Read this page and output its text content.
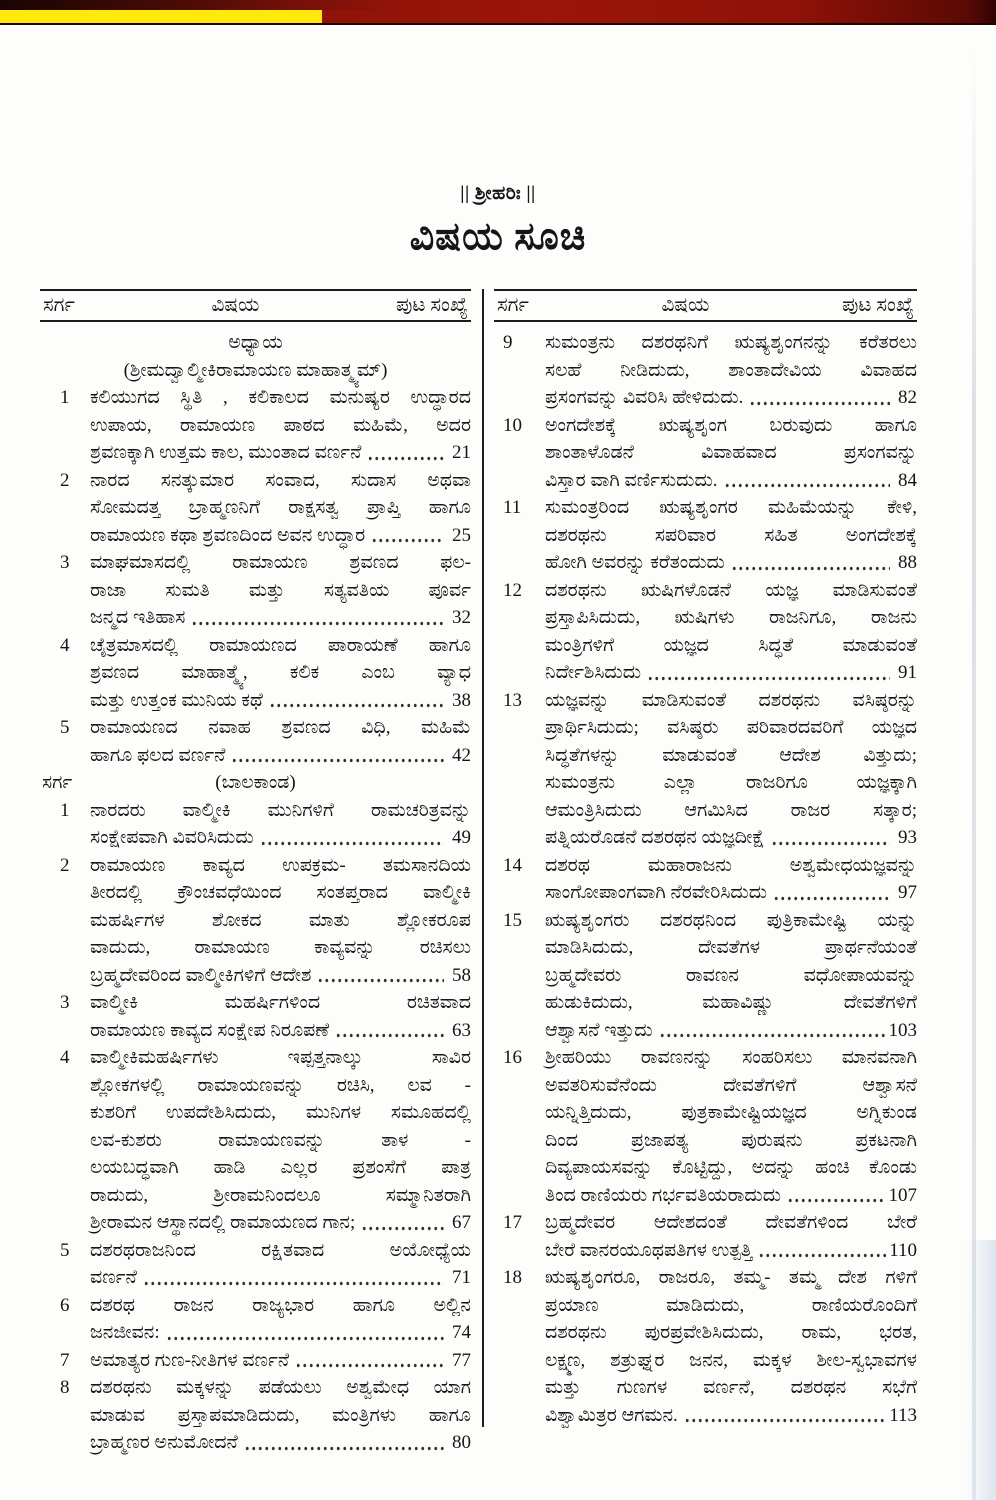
|| ಶ್ರೀಹರಿಃ ||
ವಿಷಯ ಸೂಚಿ
ಸರ್ಗ	ವಿಷಯ	ಪುಟ ಸಂಖ್ಯೆ
ಅಧ್ಯಾಯ
(ಶ್ರೀಮದ್ವಾಲ್ಮೀಕಿರಾಮಾಯಣ ಮಾಹಾತ್ಮ್ಯಮ್)
1	ಕಲಿಯುಗದ ಸ್ಥಿತಿ , ಕಲಿಕಾಲದ ಮನುಷ್ಯರ ಉದ್ಧಾರದ
ಉಪಾಯ, ರಾಮಾಯಣ ಪಾಠದ ಮಹಿಮೆ, ಅದರ
ಶ್ರವಣಕ್ಕಾಗಿ ಉತ್ತಮ ಕಾಲ, ಮುಂತಾದ ವರ್ಣನೆ	21
2	ನಾರದ ಸನತ್ಕುಮಾರ ಸಂವಾದ, ಸುದಾಸ ಅಥವಾ
ಸೋಮದತ್ತ ಬ್ರಾಹ್ಮಣನಿಗೆ ರಾಕ್ಷಸತ್ವ ಪ್ರಾಪ್ತಿ ಹಾಗೂ
ರಾಮಾಯಣ ಕಥಾ ಶ್ರವಣದಿಂದ ಅವನ ಉದ್ಧಾರ	25
3	ಮಾಘಮಾಸದಲ್ಲಿ ರಾಮಾಯಣ ಶ್ರವಣದ ಫಲ-
ರಾಜಾ ಸುಮತಿ ಮತ್ತು ಸತ್ಯವತಿಯ ಪೂರ್ವ
ಜನ್ಮದ ಇತಿಹಾಸ	32
4	ಚೈತ್ರಮಾಸದಲ್ಲಿ ರಾಮಾಯಣದ ಪಾರಾಯಣೆ ಹಾಗೂ
ಶ್ರವಣದ ಮಾಹಾತ್ಮ್ಯೆ, ಕಲಿಕ ಎಂಬ ವ್ಯಾಧ
ಮತ್ತು ಉತ್ತಂಕ ಮುನಿಯ ಕಥೆ	38
5	ರಾಮಾಯಣದ ನವಾಹ ಶ್ರವಣದ ವಿಧಿ, ಮಹಿಮೆ
ಹಾಗೂ ಫಲದ ವರ್ಣನೆ	42
ಸರ್ಗ	(ಬಾಲಕಾಂಡ)
1	ನಾರದರು ವಾಲ್ಮೀಕಿ ಮುನಿಗಳಿಗೆ ರಾಮಚರಿತ್ರವನ್ನು
ಸಂಕ್ಷೇಪವಾಗಿ ವಿವರಿಸಿದುದು	49
2	ರಾಮಾಯಣ ಕಾವ್ಯದ ಉಪಕ್ರಮ- ತಮಸಾನದಿಯ
ತೀರದಲ್ಲಿ ಕ್ರೌಂಚವಧೆಯಿಂದ ಸಂತಪ್ತರಾದ ವಾಲ್ಮೀಕಿ
ಮಹರ್ಷಿಗಳ ಶೋಕದ ಮಾತು ಶ್ಲೋಕರೂಪ
ವಾದುದು, ರಾಮಾಯಣ ಕಾವ್ಯವನ್ನು ರಚಿಸಲು
ಬ್ರಹ್ಮದೇವರಿಂದ ವಾಲ್ಮೀಕಿಗಳಿಗೆ ಆದೇಶ	58
3	ವಾಲ್ಮೀಕಿ ಮಹರ್ಷಿಗಳಿಂದ ರಚಿತವಾದ
ರಾಮಾಯಣ ಕಾವ್ಯದ ಸಂಕ್ಷೇಪ ನಿರೂಪಣೆ	63
4	ವಾಲ್ಮೀಕಿಮಹರ್ಷಿಗಳು ಇಪ್ಪತ್ತನಾಲ್ಕು ಸಾವಿರ
ಶ್ಲೋಕಗಳಲ್ಲಿ ರಾಮಾಯಣವನ್ನು ರಚಿಸಿ, ಲವ -
ಕುಶರಿಗೆ ಉಪದೇಶಿಸಿದುದು, ಮುನಿಗಳ ಸಮೂಹದಲ್ಲಿ
ಲವ-ಕುಶರು ರಾಮಾಯಣವನ್ನು ತಾಳ -
ಲಯಬದ್ಧವಾಗಿ ಹಾಡಿ ಎಲ್ಲರ ಪ್ರಶಂಸೆಗೆ ಪಾತ್ರ
ರಾದುದು, ಶ್ರೀರಾಮನಿಂದಲೂ ಸಮ್ಮಾನಿತರಾಗಿ
ಶ್ರೀರಾಮನ ಆಸ್ಥಾನದಲ್ಲಿ ರಾಮಾಯಣದ ಗಾನ;	67
5	ದಶರಥರಾಜನಿಂದ ರಕ್ಷಿತವಾದ ಅಯೋಧ್ಯೆಯ
ವರ್ಣನೆ	71
6	ದಶರಥ ರಾಜನ ರಾಜ್ಯಭಾರ ಹಾಗೂ ಅಲ್ಲಿನ
ಜನಜೀವನ:	74
7	ಅಮಾತ್ಯರ ಗುಣ-ನೀತಿಗಳ ವರ್ಣನೆ	77
8	ದಶರಥನು ಮಕ್ಕಳನ್ನು ಪಡೆಯಲು ಅಶ್ವಮೇಧ ಯಾಗ
ಮಾಡುವ ಪ್ರಸ್ತಾಪಮಾಡಿದುದು, ಮಂತ್ರಿಗಳು ಹಾಗೂ
ಬ್ರಾಹ್ಮಣರ ಅನುಮೋದನೆ	80
ಸರ್ಗ	ವಿಷಯ	ಪುಟ ಸಂಖ್ಯೆ
9	ಸುಮಂತ್ರನು ದಶರಥನಿಗೆ ಋಷ್ಯಶೃಂಗನನ್ನು ಕರೆತರಲು
ಸಲಹೆ ನೀಡಿದುದು, ಶಾಂತಾದೇವಿಯ ವಿವಾಹದ
ಪ್ರಸಂಗವನ್ನು ವಿವರಿಸಿ ಹೇಳಿದುದು.	82
10	ಅಂಗದೇಶಕ್ಕೆ ಋಷ್ಯಶೃಂಗ ಬರುವುದು ಹಾಗೂ
ಶಾಂತಾಳೊಡನೆ ವಿವಾಹವಾದ ಪ್ರಸಂಗವನ್ನು
ವಿಸ್ತಾರ ವಾಗಿ ವರ್ಣಿಸುದುದು.	84
11	ಸುಮಂತ್ರರಿಂದ ಋಷ್ಯಶೃಂಗರ ಮಹಿಮೆಯನ್ನು ಕೇಳಿ,
ದಶರಥನು ಸಪರಿವಾರ ಸಹಿತ ಅಂಗದೇಶಕ್ಕೆ
ಹೋಗಿ ಅವರನ್ನು ಕರೆತಂದುದು	88
12	ದಶರಥನು ಋಷಿಗಳೊಡನೆ ಯಜ್ಞ ಮಾಡಿಸುವಂತೆ
ಪ್ರಸ್ತಾಪಿಸಿದುದು, ಋಷಿಗಳು ರಾಜನಿಗೂ, ರಾಜನು
ಮಂತ್ರಿಗಳಿಗೆ ಯಜ್ಞದ ಸಿದ್ಧತೆ ಮಾಡುವಂತೆ
ನಿರ್ದೇಶಿಸಿದುದು	91
13	ಯಜ್ಞವನ್ನು ಮಾಡಿಸುವಂತೆ ದಶರಥನು ವಸಿಷ್ಠರನ್ನು
ಪ್ರಾರ್ಥಿಸಿದುದು; ವಸಿಷ್ಠರು ಪರಿವಾರದವರಿಗೆ ಯಜ್ಞದ
ಸಿದ್ಧತೆಗಳನ್ನು ಮಾಡುವಂತೆ ಆದೇಶ ವಿತ್ತುದು;
ಸುಮಂತ್ರನು ಎಲ್ಲಾ ರಾಜರಿಗೂ ಯಜ್ಞಕ್ಕಾಗಿ
ಆಮಂತ್ರಿಸಿದುದು ಆಗಮಿಸಿದ ರಾಜರ ಸತ್ಕಾರ;
ಪತ್ನಿಯರೊಡನೆ ದಶರಥನ ಯಜ್ಞದೀಕ್ಷೆ	93
14	ದಶರಥ ಮಹಾರಾಜನು ಅಶ್ವಮೇಧಯಜ್ಞವನ್ನು
ಸಾಂಗೋಪಾಂಗವಾಗಿ ನೆರವೇರಿಸಿದುದು	97
15	ಋಷ್ಯಶೃಂಗರು ದಶರಥನಿಂದ ಪುತ್ರಿಕಾಮೇಷ್ಟಿ ಯನ್ನು
ಮಾಡಿಸಿದುದು, ದೇವತೆಗಳ ಪ್ರಾರ್ಥನೆಯಂತೆ
ಬ್ರಹ್ಮದೇವರು ರಾವಣನ ವಧೋಪಾಯವನ್ನು
ಹುಡುಕಿದುದು, ಮಹಾವಿಷ್ಣು ದೇವತೆಗಳಿಗೆ
ಆಶ್ವಾಸನೆ ಇತ್ತುದು	103
16	ಶ್ರೀಹರಿಯು ರಾವಣನನ್ನು ಸಂಹರಿಸಲು ಮಾನವನಾಗಿ
ಅವತರಿಸುವೆನೆಂದು ದೇವತೆಗಳಿಗೆ ಆಶ್ವಾಸನೆ
ಯನ್ನಿತ್ತಿದುದು, ಪುತ್ರಕಾಮೇಷ್ಟಿಯಜ್ಞದ ಅಗ್ನಿಕುಂಡ
ದಿಂದ ಪ್ರಜಾಪತ್ಯ ಪುರುಷನು ಪ್ರಕಟನಾಗಿ
ದಿವ್ಯಪಾಯಸವನ್ನು ಕೊಟ್ಟಿದ್ದು, ಅದನ್ನು ಹಂಚಿ ಕೊಂಡು
ತಿಂದ ರಾಣಿಯರು ಗರ್ಭವತಿಯರಾದುದು	107
17	ಬ್ರಹ್ಮದೇವರ ಆದೇಶದಂತೆ ದೇವತೆಗಳಿಂದ ಬೇರೆ
ಬೇರೆ ವಾನರಯೂಥಪತಿಗಳ ಉತ್ಪತ್ತಿ	110
18	ಋಷ್ಯಶೃಂಗರೂ, ರಾಜರೂ, ತಮ್ಮ- ತಮ್ಮ ದೇಶ ಗಳಿಗೆ
ಪ್ರಯಾಣ ಮಾಡಿದುದು, ರಾಣಿಯರೊಂದಿಗೆ
ದಶರಥನು ಪುರಪ್ರವೇಶಿಸಿದುದು, ರಾಮ, ಭರತ,
ಲಕ್ಷ್ಮಣ, ಶತ್ರುಘ್ನರ ಜನನ, ಮಕ್ಕಳ ಶೀಲ-ಸ್ವಭಾವಗಳ
ಮತ್ತು ಗುಣಗಳ ವರ್ಣನೆ, ದಶರಥನ ಸಭೆಗೆ
ವಿಶ್ವಾಮಿತ್ರರ ಆಗಮನ.	113
